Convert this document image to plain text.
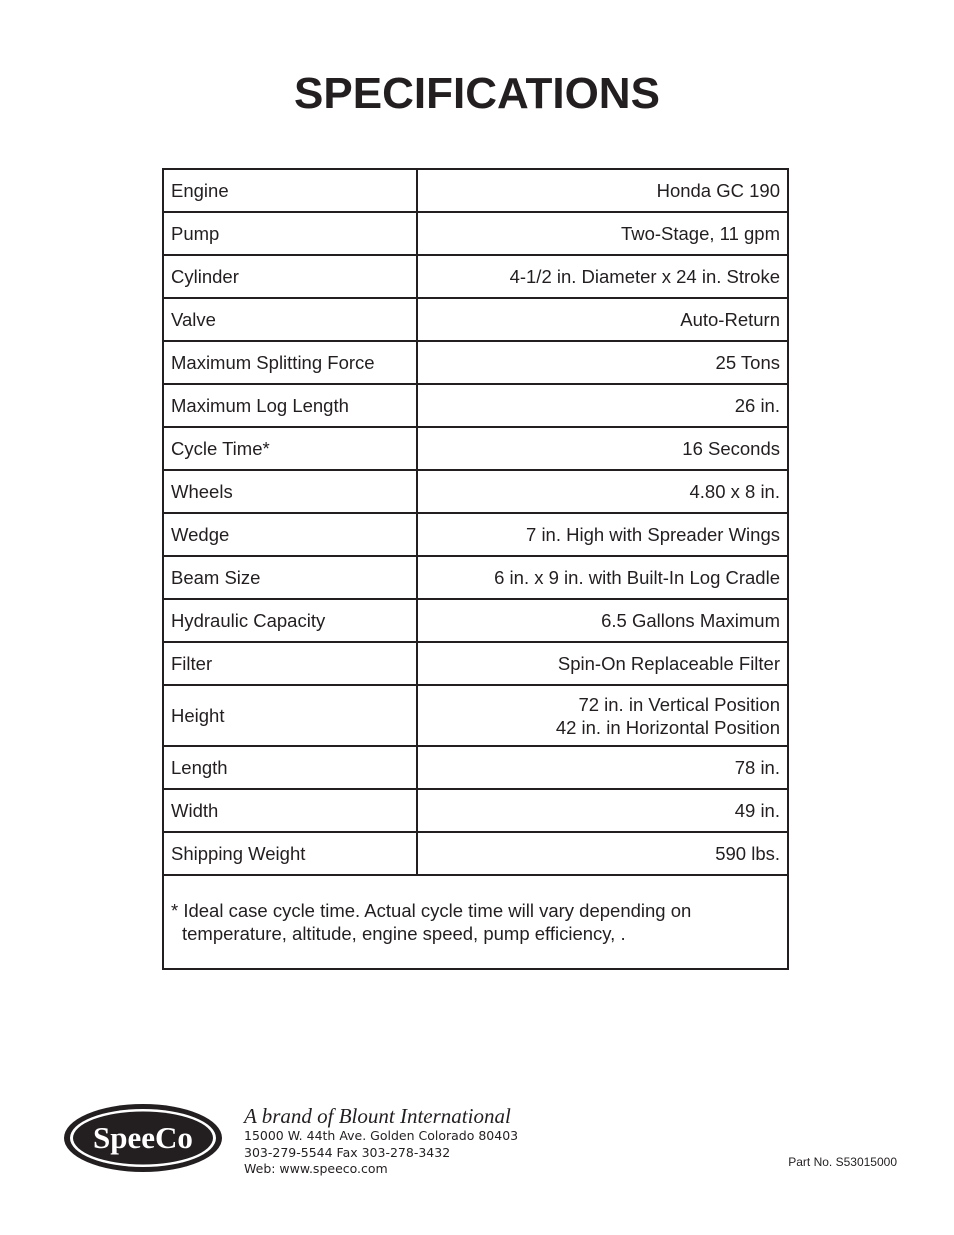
SPECIFICATIONS
Engine	Honda GC 190

Pump	Two-Stage, 11 gpm

Cylinder	4-1/2 in. Diameter x 24 in. Stroke

Valve	Auto-Return

Maximum Splitting Force	25 Tons

Maximum Log Length	26 in.

Cycle Time*	16 Seconds

Wheels	4.80 x 8 in.

Wedge	7 in. High with Spreader Wings

Beam Size	6 in. x 9 in. with Built-In Log Cradle

Hydraulic Capacity	6.5 Gallons Maximum

Filter	Spin-On Replaceable Filter

Height	72 in. in Vertical Position
42 in. in Horizontal Position

Length	78 in.

Width	49 in.

Shipping Weight	590 lbs.

* Ideal case cycle time. Actual cycle time will vary depending on
temperature, altitude, engine speed, pump efficiency, .	
SpeeCo
A brand of Blount International
15000 W. 44th Ave. Golden Colorado 80403
303-279-5544 Fax 303-278-3432
Web: www.speeco.com	Part No. S53015000
